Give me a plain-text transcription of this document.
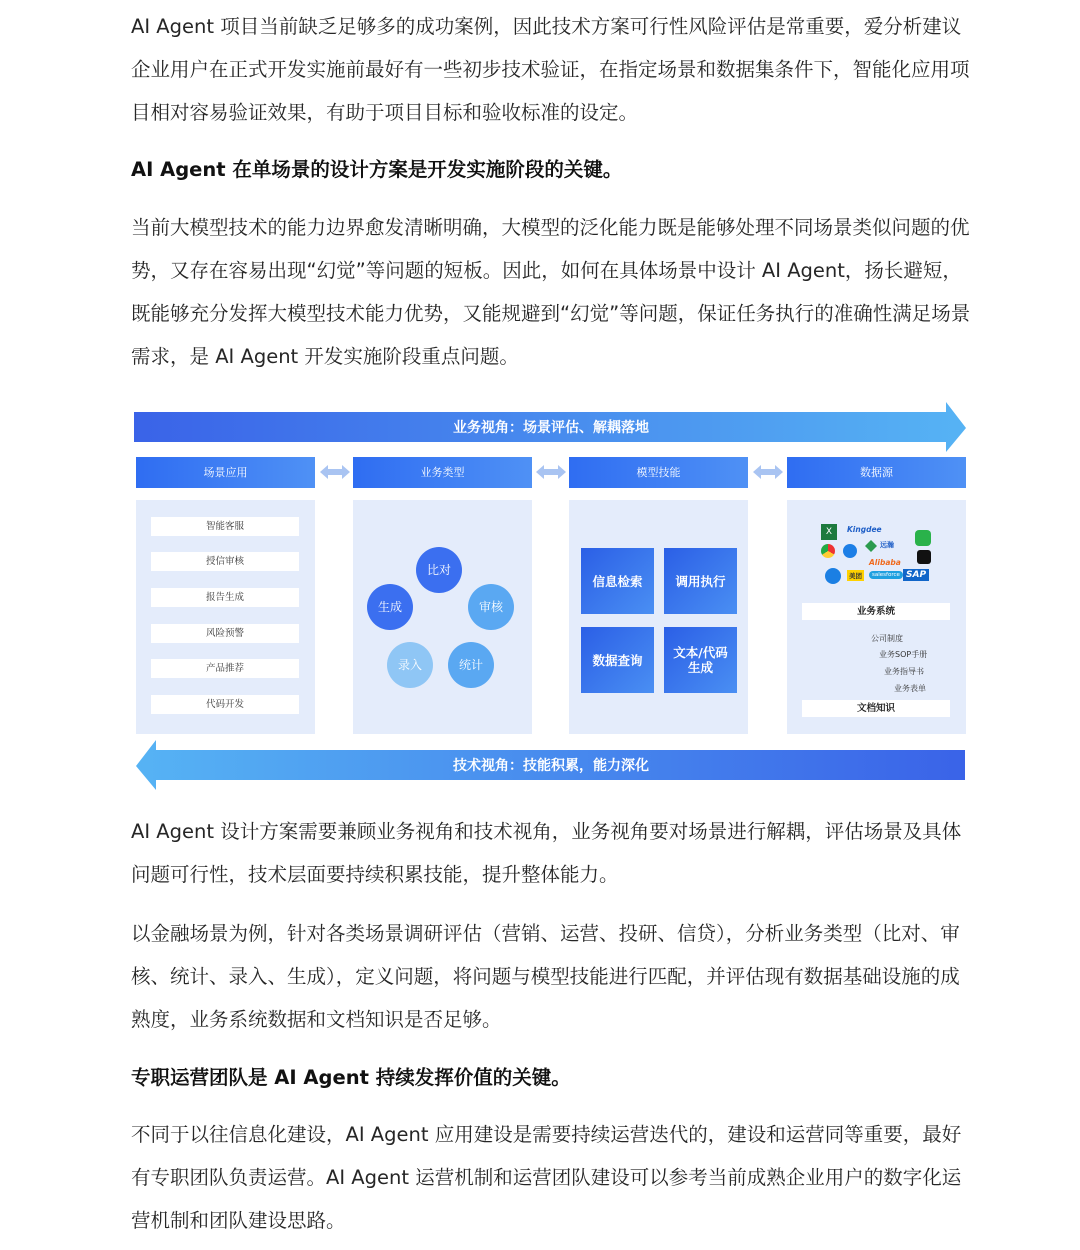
AI Agent 项目当前缺乏足够多的成功案例，因此技术方案可行性风险评估是常重要，爱分析建议企业用户在正式开发实施前最好有一些初步技术验证，在指定场景和数据集条件下，智能化应用项目相对容易验证效果，有助于项目目标和验收标准的设定。

AI Agent 在单场景的设计方案是开发实施阶段的关键。

当前大模型技术的能力边界愈发清晰明确，大模型的泛化能力既是能够处理不同场景类似问题的优势，又存在容易出现“幻觉”等问题的短板。因此，如何在具体场景中设计 AI Agent，扬长避短，既能够充分发挥大模型技术能力优势，又能规避到“幻觉”等问题，保证任务执行的准确性满足场景需求，是 AI Agent 开发实施阶段重点问题。

业务视角：场景评估、解耦落地
技术视角：技能积累，能力深化
场景应用	业务类型	模型技能	数据源
智能客服
授信审核
报告生成
风险预警
产品推荐
代码开发
比对
生成	审核
录入	统计
信息检索	调用执行
数据查询	文本/代码生成
X	Kingdee
远瀚
Alibaba
美团	salesforce SAP
业务系统
公司制度
业务SOP手册
业务指导书
业务表单
文档知识

AI Agent 设计方案需要兼顾业务视角和技术视角，业务视角要对场景进行解耦，评估场景及具体问题可行性，技术层面要持续积累技能，提升整体能力。

以金融场景为例，针对各类场景调研评估（营销、运营、投研、信贷），分析业务类型（比对、审核、统计、录入、生成），定义问题，将问题与模型技能进行匹配，并评估现有数据基础设施的成熟度，业务系统数据和文档知识是否足够。

专职运营团队是 AI Agent 持续发挥价值的关键。

不同于以往信息化建设，AI Agent 应用建设是需要持续运营迭代的，建设和运营同等重要，最好有专职团队负责运营。AI Agent 运营机制和运营团队建设可以参考当前成熟企业用户的数字化运营机制和团队建设思路。
